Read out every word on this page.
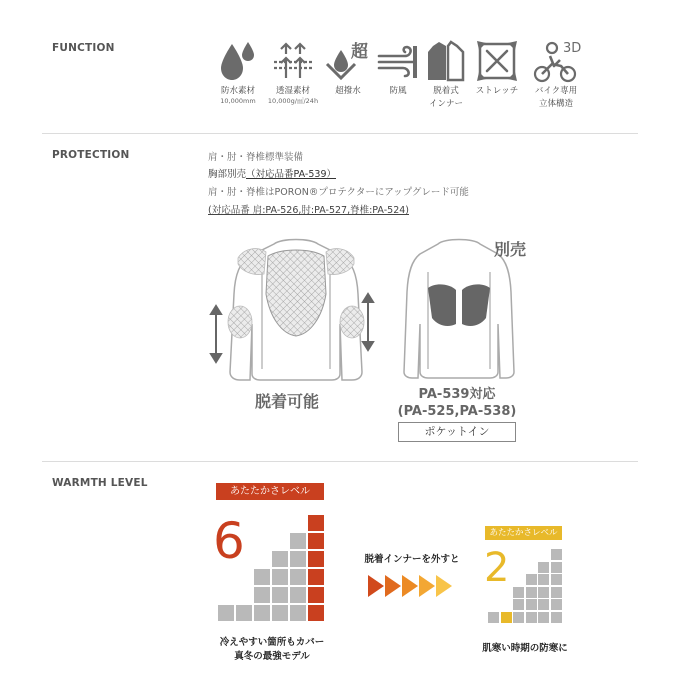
FUNCTION
防水素材
10,000mm
透湿素材
10,000g/㎡/24h
超
超撥水	防風	脱着式
インナー
ストレッチ
3D
バイク専用
立体構造
PROTECTION	肩・肘・脊椎標準装備
胸部別売（対応品番PA-539）
肩・肘・脊椎はPORON®プロテクターにアップグレード可能
(対応品番 肩:PA-526,肘:PA-527,脊椎:PA-524)
脱着可能
別売
PA-539対応
(PA-525,PA-538)
ポケットイン
WARMTH LEVEL
あたたかさレベル
6
冷えやすい箇所もカバー
真冬の最強モデル
脱着インナーを外すと
あたたかさレベル
2
肌寒い時期の防寒に
